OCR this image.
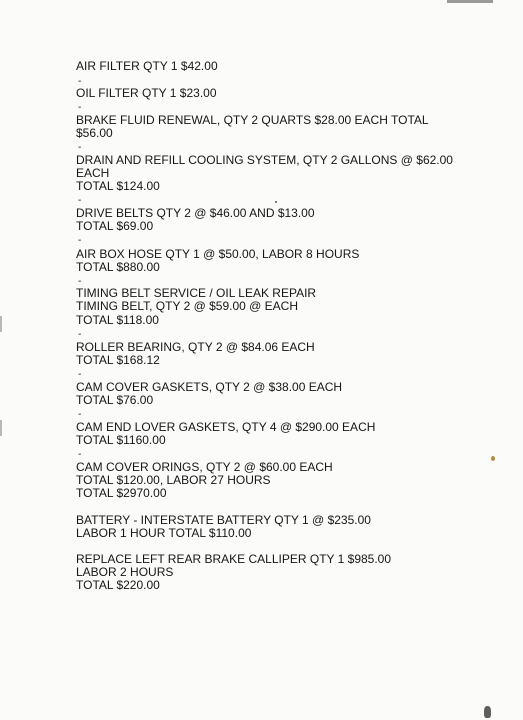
AIR FILTER QTY 1 $42.00
-
OIL FILTER QTY 1 $23.00
-
BRAKE FLUID RENEWAL, QTY 2 QUARTS $28.00 EACH TOTAL
$56.00
-
DRAIN AND REFILL COOLING SYSTEM, QTY 2 GALLONS @ $62.00
EACH
TOTAL $124.00
-
DRIVE BELTS QTY 2 @ $46.00 AND $13.00
TOTAL $69.00
-
AIR BOX HOSE QTY 1 @ $50.00, LABOR 8 HOURS
TOTAL $880.00
-
TIMING BELT SERVICE / OIL LEAK REPAIR
TIMING BELT, QTY 2 @ $59.00 @ EACH
TOTAL $118.00
-
ROLLER BEARING, QTY 2 @ $84.06 EACH
TOTAL $168.12
-
CAM COVER GASKETS, QTY 2 @ $38.00 EACH
TOTAL $76.00
-
CAM END LOVER GASKETS, QTY 4 @ $290.00 EACH
TOTAL $1160.00
-
CAM COVER ORINGS, QTY 2 @ $60.00 EACH
TOTAL $120.00, LABOR 27 HOURS
TOTAL $2970.00
BATTERY - INTERSTATE BATTERY QTY 1 @ $235.00
LABOR 1 HOUR TOTAL $110.00
REPLACE LEFT REAR BRAKE CALLIPER QTY 1 $985.00
LABOR 2 HOURS
TOTAL $220.00
